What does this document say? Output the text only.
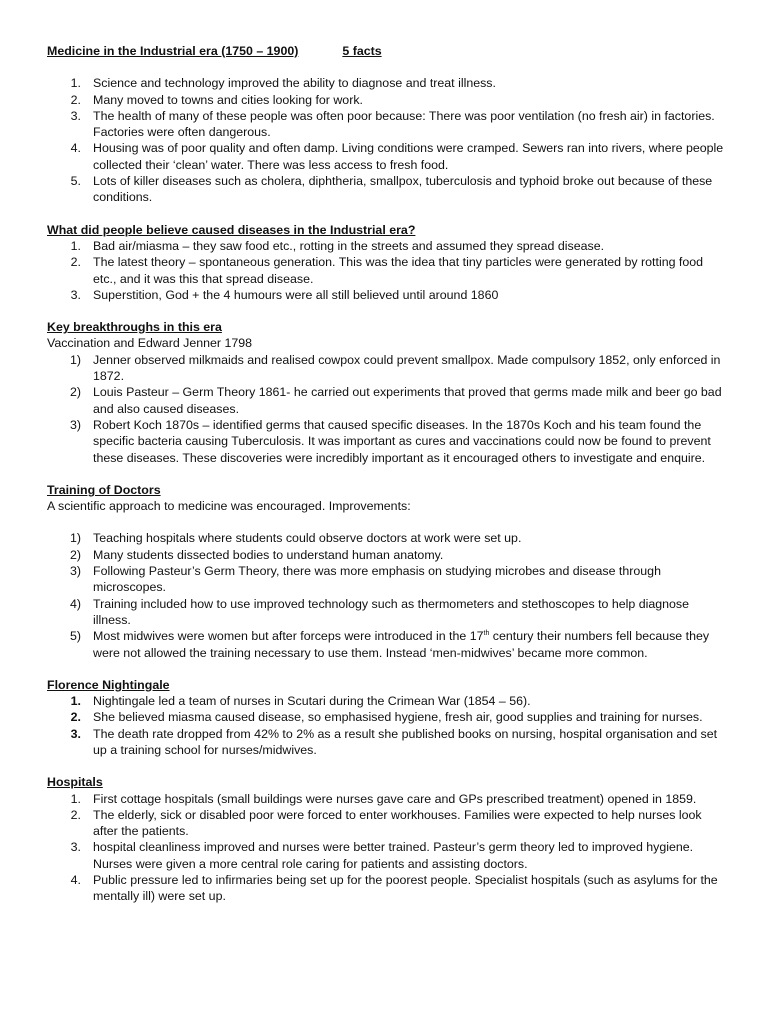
Medicine in the Industrial era (1750 – 1900)	5 facts

1. Science and technology improved the ability to diagnose and treat illness.
2. Many moved to towns and cities looking for work.
3. The health of many of these people was often poor because: There was poor ventilation (no fresh air) in factories. Factories were often dangerous.
4. Housing was of poor quality and often damp. Living conditions were cramped. Sewers ran into rivers, where people collected their ‘clean’ water. There was less access to fresh food.
5. Lots of killer diseases such as cholera, diphtheria, smallpox, tuberculosis and typhoid broke out because of these conditions.

What did people believe caused diseases in the Industrial era?

1. Bad air/miasma – they saw food etc., rotting in the streets and assumed they spread disease.
2. The latest theory – spontaneous generation. This was the idea that tiny particles were generated by rotting food etc., and it was this that spread disease.
3. Superstition, God + the 4 humours were all still believed until around 1860

Key breakthroughs in this era

Vaccination and Edward Jenner 1798

1) Jenner observed milkmaids and realised cowpox could prevent smallpox. Made compulsory 1852, only enforced in 1872.
2) Louis Pasteur – Germ Theory 1861- he carried out experiments that proved that germs made milk and beer go bad and also caused diseases.
3) Robert Koch 1870s – identified germs that caused specific diseases. In the 1870s Koch and his team found the specific bacteria causing Tuberculosis. It was important as cures and vaccinations could now be found to prevent these diseases. These discoveries were incredibly important as it encouraged others to investigate and enquire.

Training of Doctors

A scientific approach to medicine was encouraged. Improvements:

1) Teaching hospitals where students could observe doctors at work were set up.
2) Many students dissected bodies to understand human anatomy.
3) Following Pasteur’s Germ Theory, there was more emphasis on studying microbes and disease through microscopes.
4) Training included how to use improved technology such as thermometers and stethoscopes to help diagnose illness.
5) Most midwives were women but after forceps were introduced in the 17th century their numbers fell because they were not allowed the training necessary to use them. Instead ‘men-midwives’ became more common.

Florence Nightingale

1. Nightingale led a team of nurses in Scutari during the Crimean War (1854 – 56).
2. She believed miasma caused disease, so emphasised hygiene, fresh air, good supplies and training for nurses.
3. The death rate dropped from 42% to 2% as a result she published books on nursing, hospital organisation and set up a training school for nurses/midwives.

Hospitals

1. First cottage hospitals (small buildings were nurses gave care and GPs prescribed treatment) opened in 1859.
2. The elderly, sick or disabled poor were forced to enter workhouses. Families were expected to help nurses look after the patients.
3. hospital cleanliness improved and nurses were better trained. Pasteur’s germ theory led to improved hygiene. Nurses were given a more central role caring for patients and assisting doctors.
4. Public pressure led to infirmaries being set up for the poorest people. Specialist hospitals (such as asylums for the mentally ill) were set up.
